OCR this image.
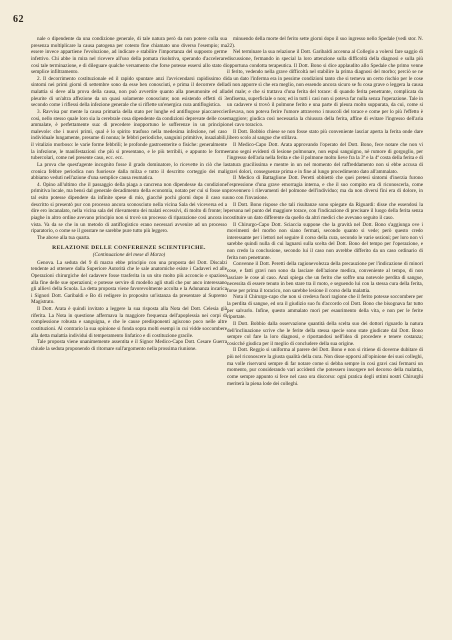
62

nale o dipendente da una condizione generale, di tale natura però da non potere colla sua presenza moltiplicare la causa patogena per cotesto fine chiamato uno diverso l'esempio; ma essere invece appartiene l'evoluzione, ad indicare e stabilire l'importanza del supposto germe infettivo. Chi abbe in mira nel ricevere all'uso della pomata risolutiva, sperando d'accelerare così tale terminazione, e di dileguare qualche versamento che forse potesse essersi allo stato di semplice infiltramento.

2. Il decorrimento costituzionale ed il rapido spuntare anzi l'avvicendarsi rapidissimo di sintomi nei primi giorni di settembre sono da esse ben conosciuti, e prima il decorrere della malattia si deve alla prova della causa, non può avvertire quanto alla pneumonite ed alla pleurite di un'altra affezione da un quasi solamente conosciute; non esistendo effetti di 3 secondo come i riflessi della infezione generale che si riflette un'energica cura antiflogistica.

3. Ravvisa pur mente la causa primaria della stato per lunghe ed antiflogose piaccareccie così, nello stesso quale loro sia la cerebrale cosa dipendente da condizioni deprevate delle cose ammalate, è perfettamente sua: di precedere inopportuno le sofferenze in un principio malevole: che i nuovi primi, qual è lo spirito trasfuso nella medesima infezione, nel caso individuale lungamente, presume di nonna; le febbri periodiche, sanguini primitive, insaziabili, il vitalizio morboso: le varie forme febbrili; le profonde gastroenterite o fisiche: generalmente la infezione, le manifestazioni che più si presentano, e le più terribili, e appunto le forme tubercolari, come nel presente caso, ecc. ecc.

La prova che quest'agente incognito fosse il grado dominatore, lo ricevette in ciò che la cronica febbre periodica non fuoriesce dalla milza e tutto il descritto corteggio dei mali abbiamo veduti nell'azione d'una semplice causa reumatica.

4. Opino all'ultimo che il passaggio della piaga a cancrena non dipendesse da condizione primitiva locale, ma bensì dal generale decadimento della economia, notato per cui si fosse un tal esito potesse dipendere da infinite spese di mio, giacchè pochi giorni dopo il caso su descritto si presentò pur con processo ancora sconosciuto nella vicina Sala dei viceversa ed a dire ero incanalato, nella vicina sala del rilevamento dei malati eccessivi, di molto di fronte; le piaghe in altro ordine avevano principio non si trovò un processo di riparazione così ancora in vista. Va da se che in un metodo di antiflogistico erano necessari avvenire ad un processo riparatorio, o come se il gosstare ne sarebbe pure tutto più leggero.

The above alla tua quarta.

RELAZIONE DELLE CONFERENZE SCIENTIFICHE.
(Continuazione del mese di Marzo)

Genova. La seduta del 9 di marzo ebbe principio con una proposta del Dott. Discalzi tendente ad ottenere dalla Superiore Autorità che le sale anatomiche esiste i Cadaveri ed alle Operazioni chirurgiche del cadavere fosse trasferita in un sito molto più acconcio e spazioso alla fine delle sue operazioni; e potesse servire di modello agli studi che pur anco interessano gli allievi della Scuola. La detta proposta viene favorevolmente accolta e la Adunanza incarica i Signori Dott. Garibaldi e Bo di redigere in proposito un'istanza da presentare al Supremo Magistrato.

Il Dott. Arata è quindi invitato a leggere la sua risposta alla Nota del Dott. Celesia già riferita. La Nota in questione affermava la maggiore frequenza dell'apoplessia nei corpi di complessione robusta e sanguigna, e che le cause predisponenti agiscono poco nelle altre costituzioni. Al contrario la sua opinione si fonda sopra molti esempi in cui vidde soccombere alla detta malattia individui di temperamento linfatico e di costituzione gracile.

Tale proposta viene unanimemente assentita e il Signor Medico-Capo Dott. Cesare Guerra chiude la seduta proponendo di ritornare sull'argomento nella prossima riunione.

minuendo della morte del ferito sette giorni dopo il suo ingresso nello Spedale (vedi stor. N. 22).

Nel terminare la sua relazione il Dott. Garibaldi accenna al Collegio a volersi fare saggio di discussione, fermando in special la loro attenzione sulla difficoltà della diagnosi e sulla più opportuna condotta terapeutica. Il Dott. Bono si dice applaudito allo Spedale che primo venne il ferito, vedendo nella grave difficoltà nel stabilire la prima diagnosi del morbo; perciò se ne da un dato l'inferma era in pessime condizioni tanto che si temeva un certo rischio per le cose di non apporre sì che era meglio, non essendo ancora sicuro se fu cosa grave o leggera la causa del male; e che si trattava d'una ferita del torace: di quando ferita penetrante, complicata da enfisema, superficiale o non; ed in tutti i casi non si poteva far nulla senza l'operazione. Tale in un cadavere si trovò il polmone ferito e una parte di pleura molto suppurata, da cui, come si rilevava, non poteva ferire l'umore attraverso i muscoli del torace e come per lo più l'effetto è maggiore; giudica così necessaria la chiusura della ferita, affine di evitare l'ingresso dell'aria nel cavo toracico.

Il Dott. Bobbio chiese se non fosse stato più conveniente lasciar aperta la ferita onde dare libero scolo al sangue che stillava.

Il Medico-Capo Dott. Arata approvando l'operato del Dott. Bono, fece notare che non vi erano segni evidenti di lesione polmonare, non espuì sanguigno, nè rumore di gorgoglio, per l'ingresso dell'aria nella ferita e che il polmone molto lieve fra la 3ª e la 4ª costa della ferita e di statura gracilissima e mentre in un nel momento del raffreddamento non si ebbe accusa di gravi dolori, conseguenze prima e in fine al lungo procedimento dato all'ammalato.

Il Medico di Battaglione Dott. Peretti obbiettò che quei pretesi sintomi d'inerzia furono l'espressione d'una grave emorragia interna, e che il suo compito era di riconoscerla, come provennero i rilevamenti del polmone dell'individuo; ma da non diversi fini era di dolore, in uno con l'invasione.

Il Dott. Bono rispose che tali risultanze sono spiegate da Riguardi: disse che essendosi la persona nel punto del maggiore torace, con l'indicazione di precisare il luogo della ferita senza costituire un dato differente da quello da altri medici che avevano seguito il caso.

Il Chirurgo-Capo Dott. Sciaccia suppone che la gravità nel Dott. Bono s'aggiunga ove i movimenti del morbo non siano fermati, secondo quanto si vede; però questo credo interessante per i lettori nel seguire il corso della cura, secondo le varie sezioni; per loro non vi sarebbe quindi nulla di cui lagnarsi sulla scelta del Dott. Bono del tempo per l'operazione, e non credo la conclusione, secondo lui il caso non avrebbe differito da un caso ordinario di ferita non penetrante.

Convenne il Dott. Peretti della ragionevolezza della precauzione per l'indicazione di minori cose, e fatti gravi non sono da lasciare dell'azione medica, conveniente al tempo, di non lasciare le cose al caso. Anzi spiega che un ferito che soffre una notevole perdita di sangue, necessita di essere tenuto in ben stare tra il moto, e seguendo lui con la stessa cura della ferita, forse per prima il toracico, non sarebbe lesione il corso della malattia.

Nota il Chirurgo-capo che non si credeva fuori ragione che il ferito potesse soccombere per la perdita di sangue, ed ora il giudizio suo fu d'accordo col Dott. Bono che bisognava far tutto per salvarlo. Infine, questo ammalato morì per esaurimento della vita, e non per le ferite riportate.

Il Dott. Bobbio dalla osservazione quantità della scelta suo dei dottori riguardo la natura dell'inclinazione scrive che le ferite della stessa specie sono state giudicate dal Dott. Bono sempre col fare la loro diagnosi, e riportandosi nell'idea di procedere e tenere costanza; cosicché giudica per il meglio di concludere della sua origine.

Il Dott. Reggio si uniforma al parere del Dott. Bono e non si ritiene di doverne dubitare di più nel riconoscere la giusta qualità della cura. Non disse opporsi all'opinione dei suoi colleghi, ma volle riservarsi sempre di far notare come si debba sempre in così gravi casi fermarsi un momento, pur considerando vari accidenti che potessero insorgere nel decorso della malattia, come sempre appunto si fece nel caso ora discorso: ogni pratica degli ottimi nostri Chirurghi meriterà la piena lode dei colleghi.
